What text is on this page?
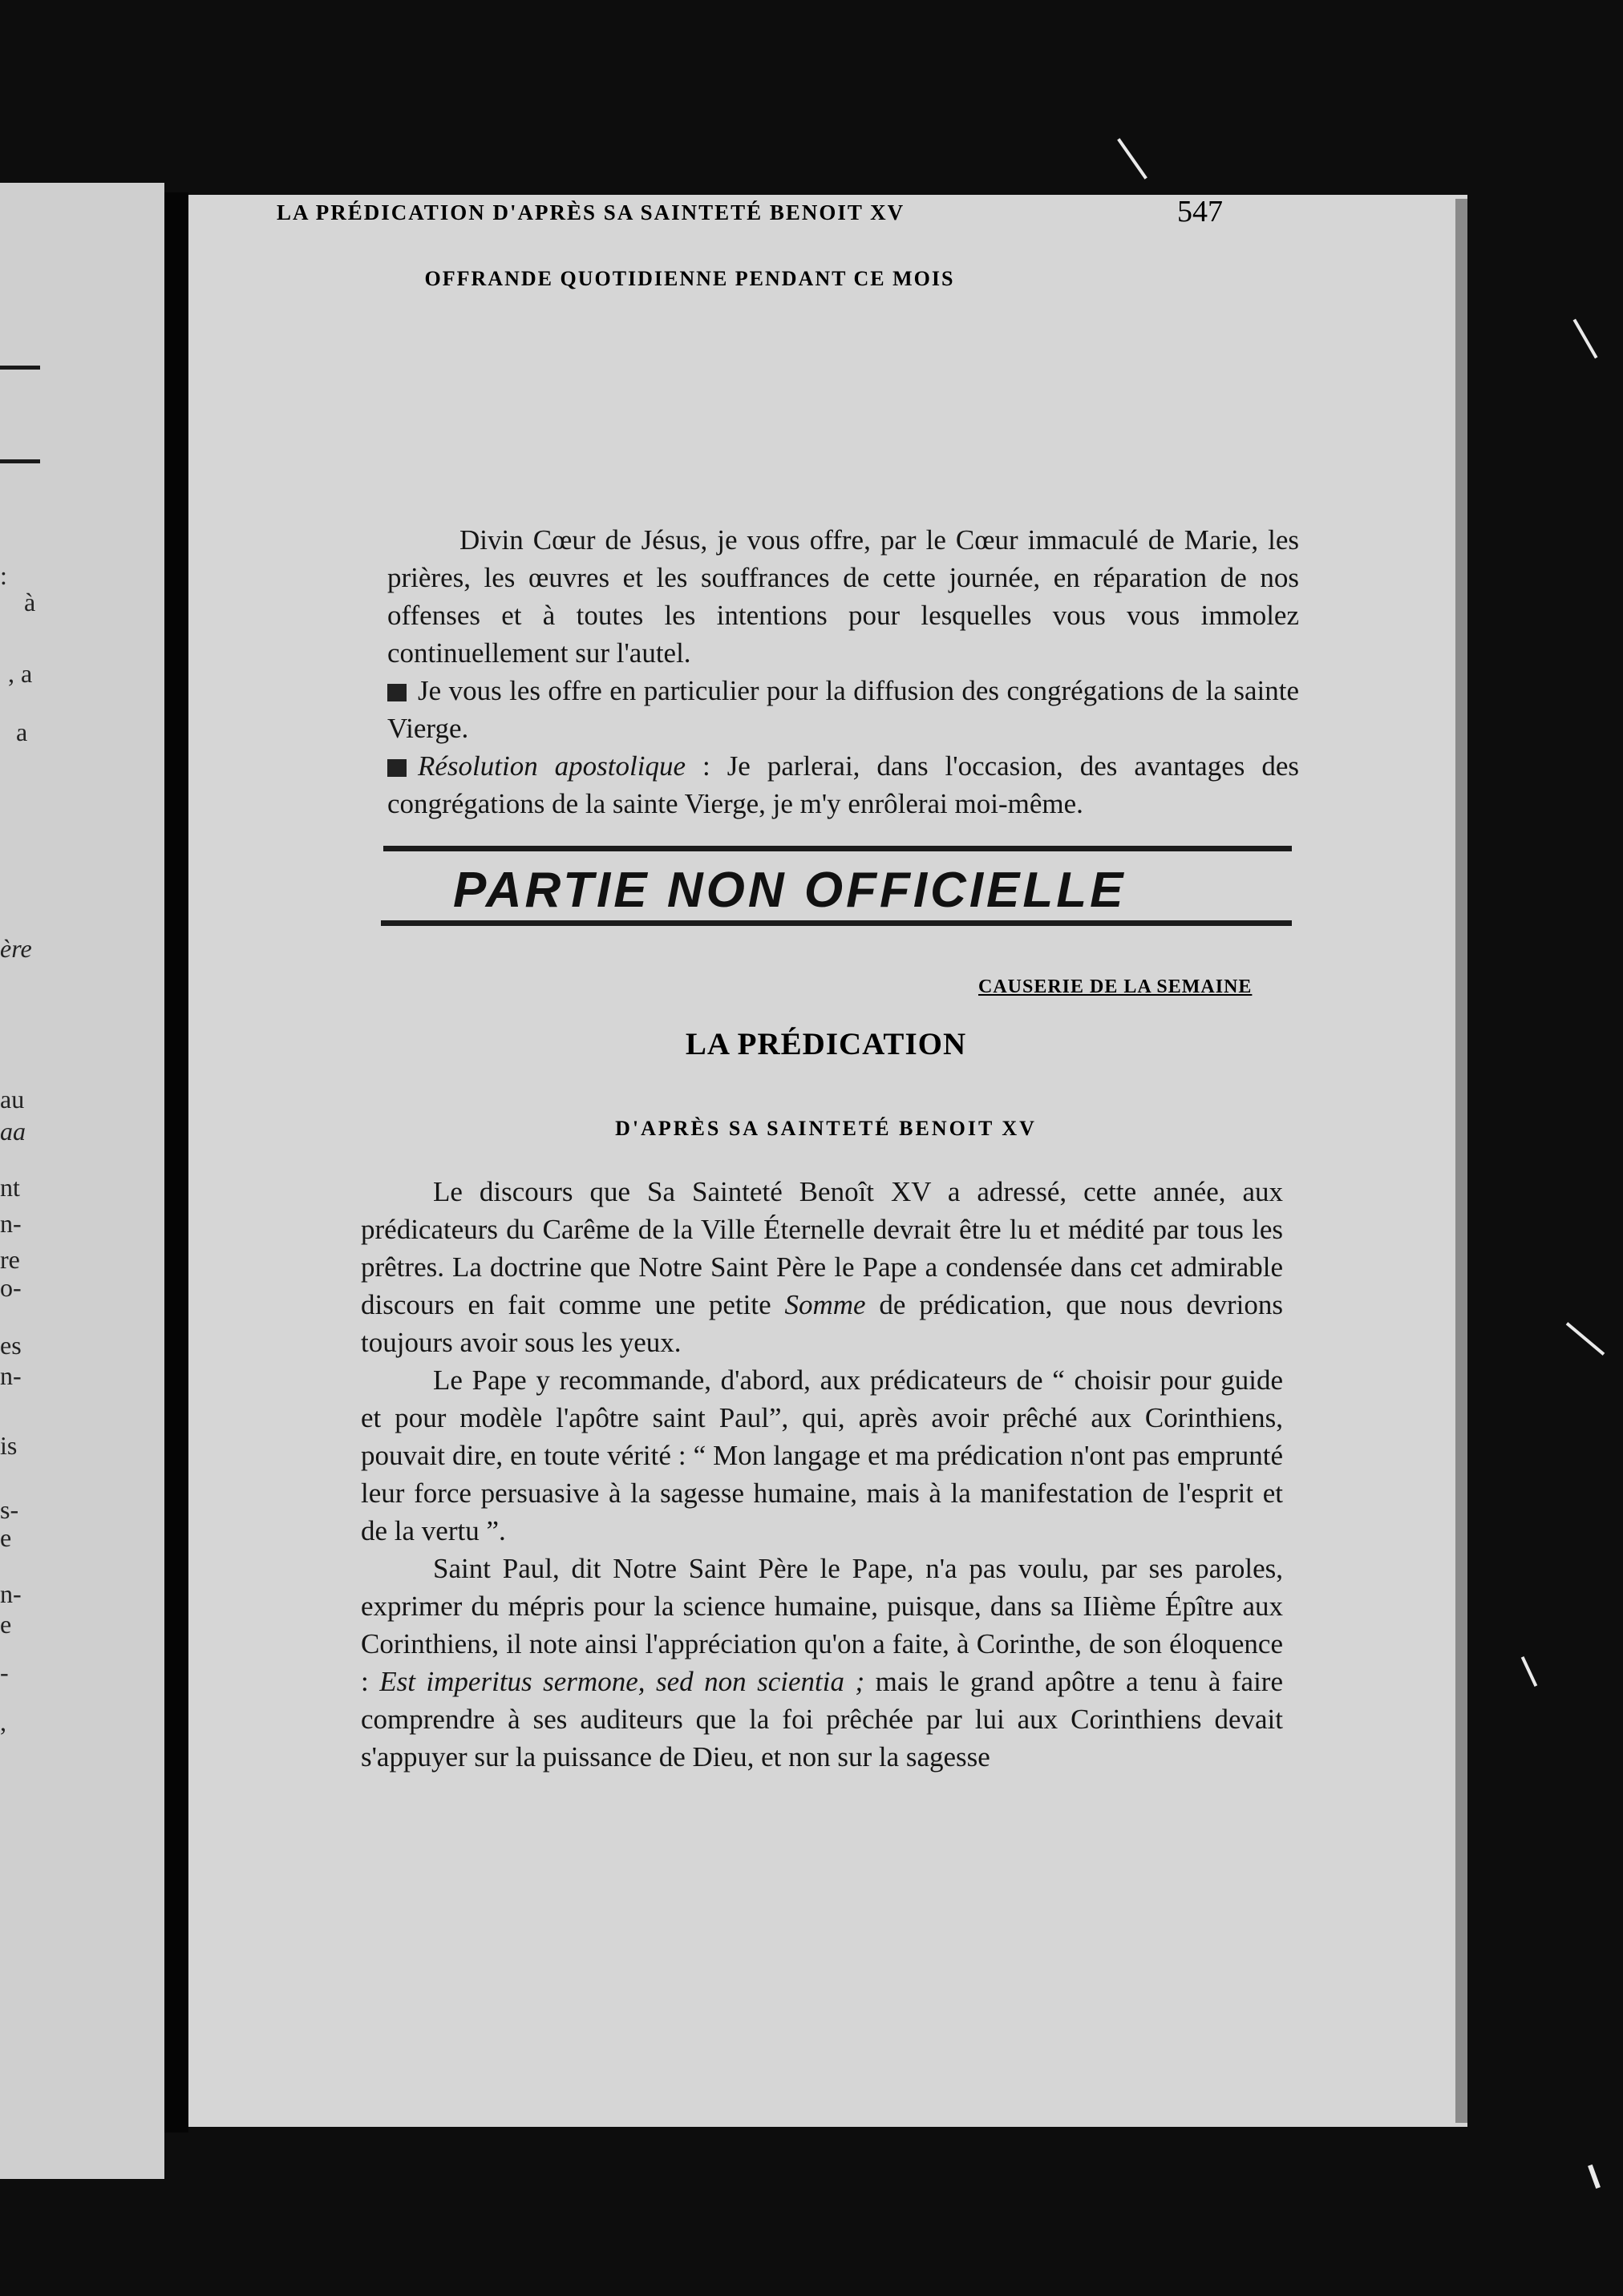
:
à
, a
a
ère
au
aa
nt
n-
re
o-
es
n-
is
s-
e
n-
e
-
,
LA PRÉDICATION D'APRÈS SA SAINTETÉ BENOIT XV	547
OFFRANDE QUOTIDIENNE PENDANT CE MOIS

Divin Cœur de Jésus, je vous offre, par le Cœur immaculé de Marie, les prières, les œuvres et les souffrances de cette journée, en réparation de nos offenses et à toutes les intentions pour lesquelles vous vous immolez continuellement sur l'autel.

Je vous les offre en particulier pour la diffusion des congrégations de la sainte Vierge.

Résolution apostolique : Je parlerai, dans l'occasion, des avantages des congrégations de la sainte Vierge, je m'y enrôlerai moi-même.

PARTIE NON OFFICIELLE
CAUSERIE DE LA SEMAINE
LA PRÉDICATION
D'APRÈS SA SAINTETÉ BENOIT XV

Le discours que Sa Sainteté Benoît XV a adressé, cette année, aux prédicateurs du Carême de la Ville Éternelle devrait être lu et médité par tous les prêtres. La doctrine que Notre Saint Père le Pape a condensée dans cet admirable discours en fait comme une petite Somme de prédication, que nous devrions toujours avoir sous les yeux.

Le Pape y recommande, d'abord, aux prédicateurs de “ choisir pour guide et pour modèle l'apôtre saint Paul”, qui, après avoir prêché aux Corinthiens, pouvait dire, en toute vérité : “ Mon langage et ma prédication n'ont pas emprunté leur force persuasive à la sagesse humaine, mais à la manifestation de l'esprit et de la vertu ”.

Saint Paul, dit Notre Saint Père le Pape, n'a pas voulu, par ses paroles, exprimer du mépris pour la science humaine, puisque, dans sa IIième Épître aux Corinthiens, il note ainsi l'appréciation qu'on a faite, à Corinthe, de son éloquence : Est imperitus sermone, sed non scientia ; mais le grand apôtre a tenu à faire comprendre à ses auditeurs que la foi prêchée par lui aux Corinthiens devait s'appuyer sur la puissance de Dieu, et non sur la sagesse
